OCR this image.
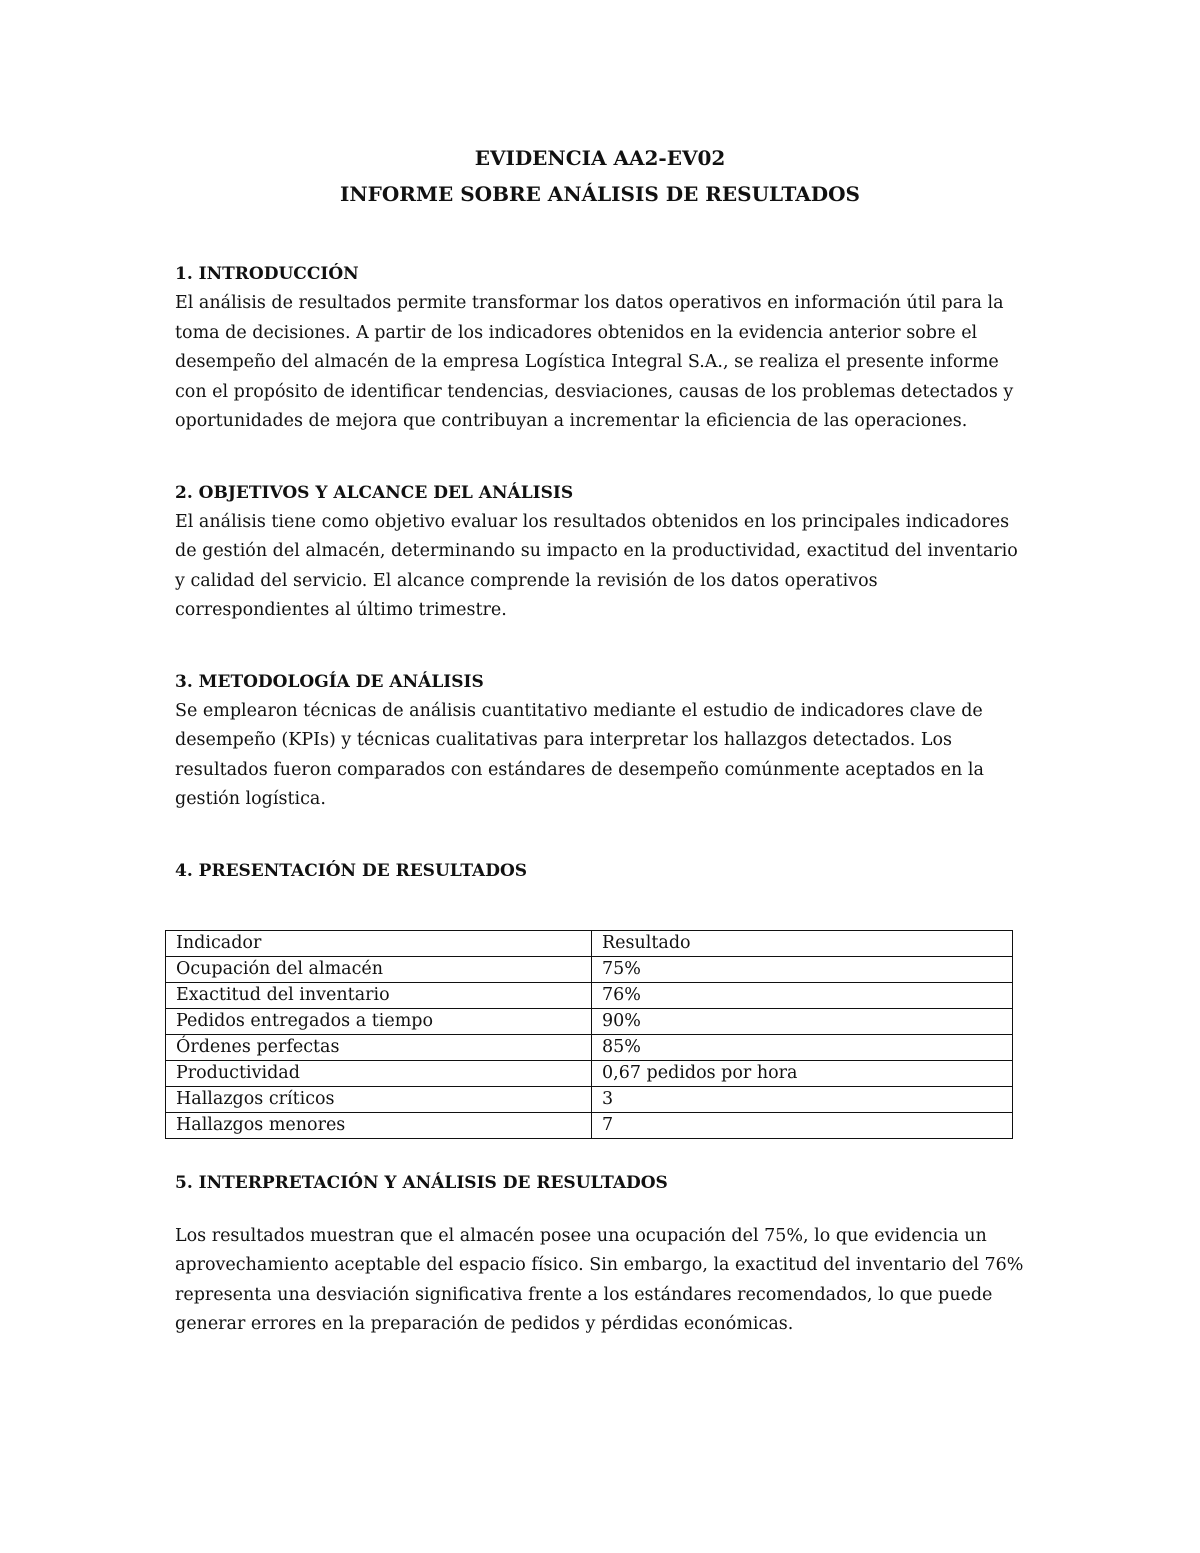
EVIDENCIA AA2-EV02

INFORME SOBRE ANÁLISIS DE RESULTADOS

1. INTRODUCCIÓN

El análisis de resultados permite transformar los datos operativos en información útil para la toma de decisiones. A partir de los indicadores obtenidos en la evidencia anterior sobre el desempeño del almacén de la empresa Logística Integral S.A., se realiza el presente informe con el propósito de identificar tendencias, desviaciones, causas de los problemas detectados y oportunidades de mejora que contribuyan a incrementar la eficiencia de las operaciones.

2. OBJETIVOS Y ALCANCE DEL ANÁLISIS

El análisis tiene como objetivo evaluar los resultados obtenidos en los principales indicadores de gestión del almacén, determinando su impacto en la productividad, exactitud del inventario y calidad del servicio. El alcance comprende la revisión de los datos operativos correspondientes al último trimestre.

3. METODOLOGÍA DE ANÁLISIS

Se emplearon técnicas de análisis cuantitativo mediante el estudio de indicadores clave de desempeño (KPIs) y técnicas cualitativas para interpretar los hallazgos detectados. Los resultados fueron comparados con estándares de desempeño comúnmente aceptados en la gestión logística.

4. PRESENTACIÓN DE RESULTADOS

Indicador	Resultado
Ocupación del almacén	75%
Exactitud del inventario	76%
Pedidos entregados a tiempo	90%
Órdenes perfectas	85%
Productividad	0,67 pedidos por hora
Hallazgos críticos	3
Hallazgos menores	7

5. INTERPRETACIÓN Y ANÁLISIS DE RESULTADOS

Los resultados muestran que el almacén posee una ocupación del 75%, lo que evidencia un aprovechamiento aceptable del espacio físico. Sin embargo, la exactitud del inventario del 76% representa una desviación significativa frente a los estándares recomendados, lo que puede generar errores en la preparación de pedidos y pérdidas económicas.
